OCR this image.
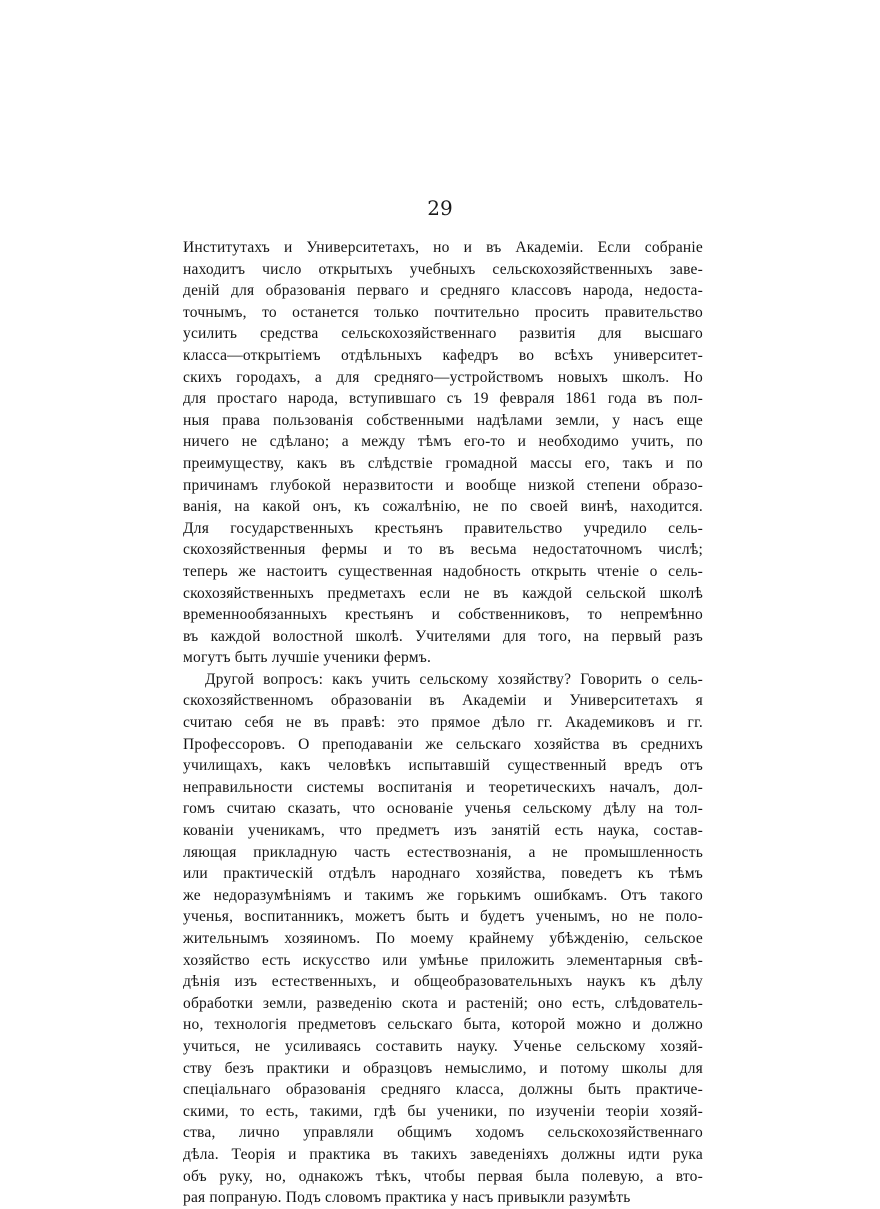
29
Институтахъ и Университетахъ, но и въ Академіи. Если собраніе
находитъ число открытыхъ учебныхъ сельскохозяйственныхъ заве-
деній для образованія перваго и средняго классовъ народа, недоста-
точнымъ, то останется только почтительно просить правительство
усилить средства сельскохозяйственнаго развитія для высшаго
класса—открытіемъ отдѣльныхъ кафедръ во всѣхъ университет-
скихъ городахъ, а для средняго—устройствомъ новыхъ школъ. Но
для простаго народа, вступившаго съ 19 февраля 1861 года въ пол-
ныя права пользованія собственными надѣлами земли, у насъ еще
ничего не сдѣлано; а между тѣмъ его-то и необходимо учить, по
преимуществу, какъ въ слѣдствіе громадной массы его, такъ и по
причинамъ глубокой неразвитости и вообще низкой степени образо-
ванія, на какой онъ, къ сожалѣнію, не по своей винѣ, находится.
Для государственныхъ крестьянъ правительство учредило сель-
скохозяйственныя фермы и то въ весьма недостаточномъ числѣ;
теперь же настоитъ существенная надобность открыть чтеніе о сель-
скохозяйственныхъ предметахъ если не въ каждой сельской школѣ
временнообязанныхъ крестьянъ и собственниковъ, то непремѣнно
въ каждой волостной школѣ. Учителями для того, на первый разъ
могутъ быть лучшіе ученики фермъ.
Другой вопросъ: какъ учить сельскому хозяйству? Говорить о сель-
скохозяйственномъ образованіи въ Академіи и Университетахъ я
считаю себя не въ правѣ: это прямое дѣло гг. Академиковъ и гг.
Профессоровъ. О преподаваніи же сельскаго хозяйства въ среднихъ
училищахъ, какъ человѣкъ испытавшій существенный вредъ отъ
неправильности системы воспитанія и теоретическихъ началъ, дол-
гомъ считаю сказать, что основаніе ученья сельскому дѣлу на тол-
кованіи ученикамъ, что предметъ изъ занятій есть наука, состав-
ляющая прикладную часть естествознанія, а не промышленность
или практическій отдѣлъ народнаго хозяйства, поведетъ къ тѣмъ
же недоразумѣніямъ и такимъ же горькимъ ошибкамъ. Отъ такого
ученья, воспитанникъ, можетъ быть и будетъ ученымъ, но не поло-
жительнымъ хозяиномъ. По моему крайнему убѣжденію, сельское
хозяйство есть искусство или умѣнье приложить элементарныя свѣ-
дѣнія изъ естественныхъ, и общеобразовательныхъ наукъ къ дѣлу
обработки земли, разведенію скота и растеній; оно есть, слѣдователь-
но, технологія предметовъ сельскаго быта, которой можно и должно
учиться, не усиливаясь составить науку. Ученье сельскому хозяй-
ству безъ практики и образцовъ немыслимо, и потому школы для
спеціальнаго образованія средняго класса, должны быть практиче-
скими, то есть, такими, гдѣ бы ученики, по изученіи теоріи хозяй-
ства, лично управляли общимъ ходомъ сельскохозяйственнаго
дѣла. Теорія и практика въ такихъ заведеніяхъ должны идти рука
объ руку, но, однакожъ тѣкъ, чтобы первая была полевую, а вто-
рая попраную. Подъ словомъ практика у насъ привыкли разумѣть
